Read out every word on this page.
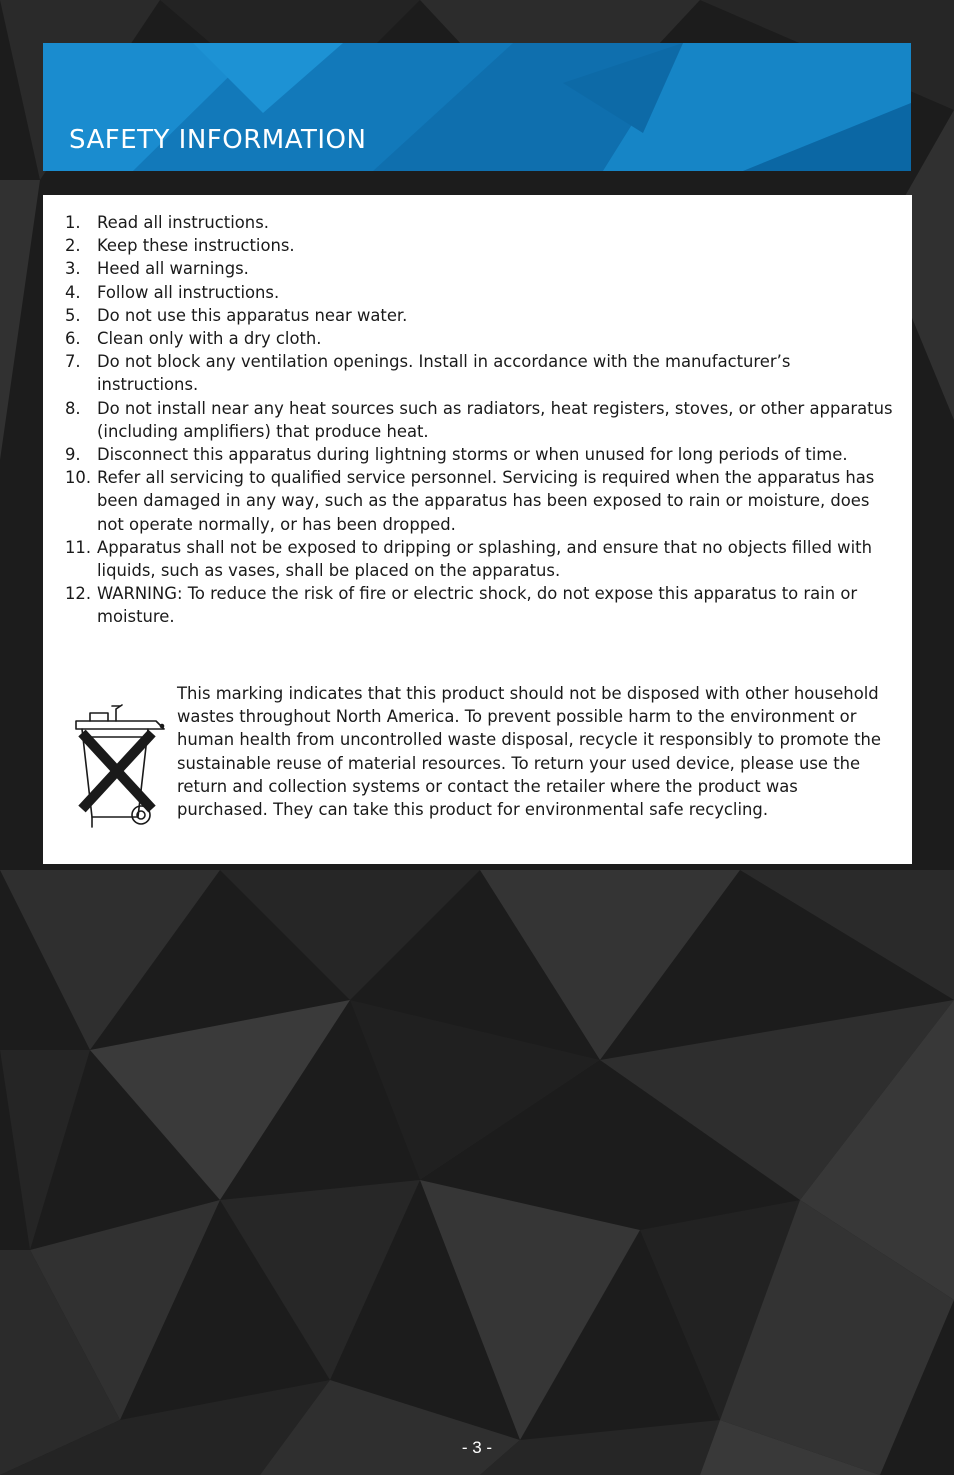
SAFETY INFORMATION
1. Read all instructions.
2. Keep these instructions.
3. Heed all warnings.
4. Follow all instructions.
5. Do not use this apparatus near water.
6. Clean only with a dry cloth.
7. Do not block any ventilation openings. Install in accordance with the manufacturer’s instructions.
8. Do not install near any heat sources such as radiators, heat registers, stoves, or other apparatus (including amplifiers) that produce heat.
9. Disconnect this apparatus during lightning storms or when unused for long periods of time.
10. Refer all servicing to qualified service personnel. Servicing is required when the apparatus has been damaged in any way, such as the apparatus has been exposed to rain or moisture, does not operate normally, or has been dropped.
11. Apparatus shall not be exposed to dripping or splashing, and ensure that no objects filled with liquids, such as vases, shall be placed on the apparatus.
12. WARNING: To reduce the risk of fire or electric shock, do not expose this apparatus to rain or moisture.

This marking indicates that this product should not be disposed with other household wastes throughout North America. To prevent possible harm to the environment or human health from uncontrolled waste disposal, recycle it responsibly to promote the sustainable reuse of material resources. To return your used device, please use the return and collection systems or contact the retailer where the product was purchased. They can take this product for environmental safe recycling.

- 3 -
